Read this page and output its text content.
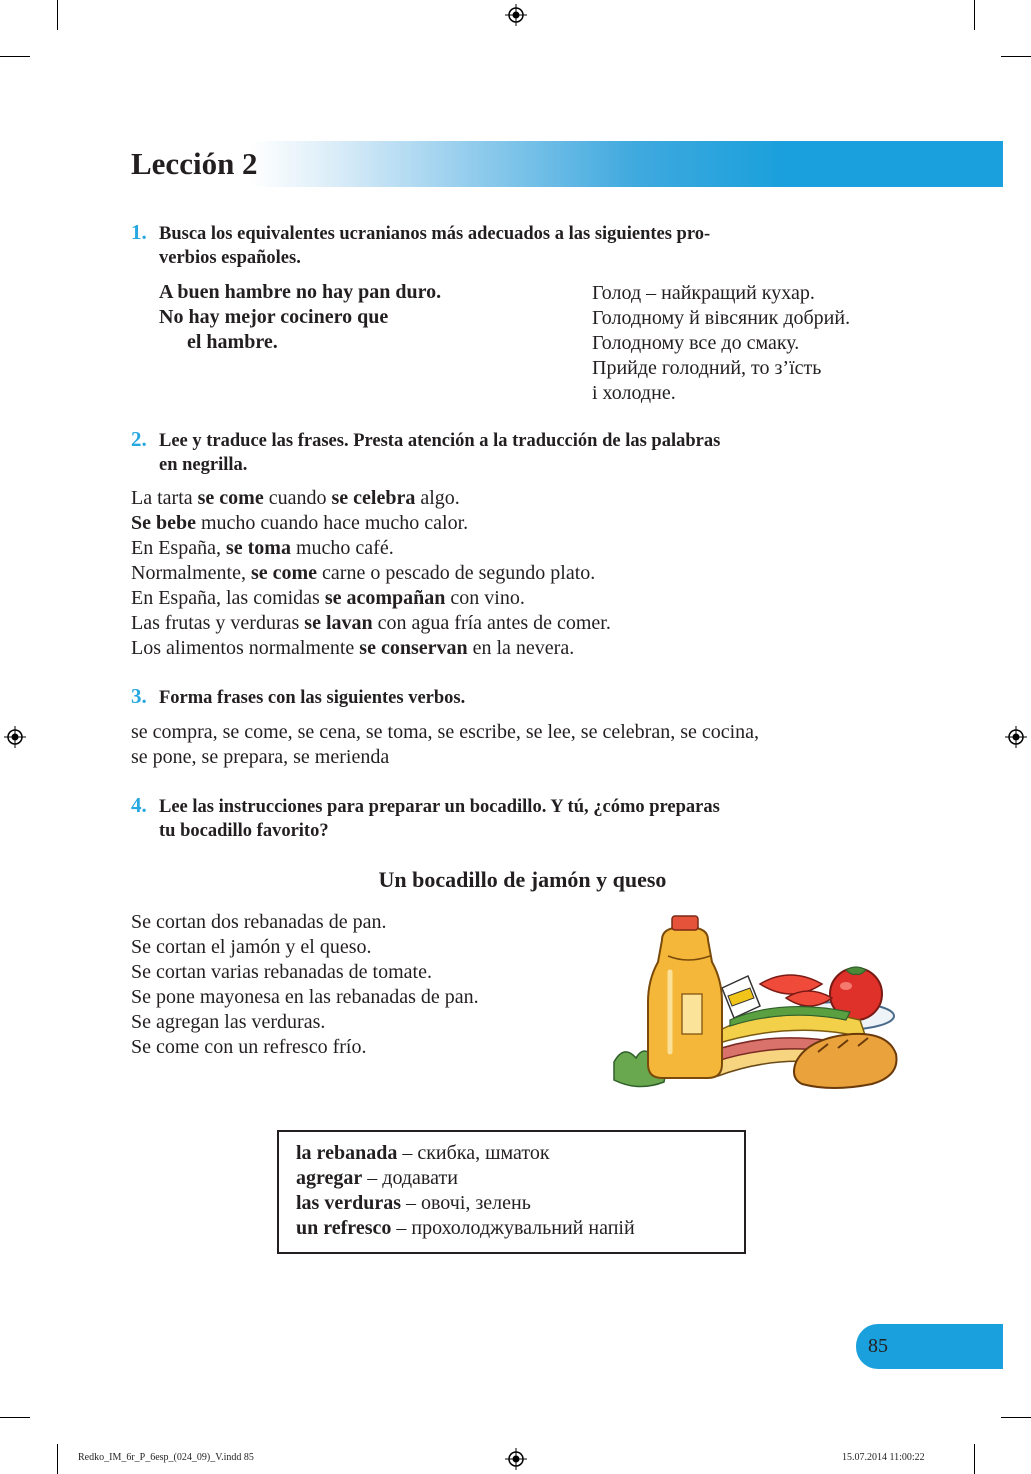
Lección 2
1. Busca los equivalentes ucranianos más adecuados a las siguientes pro-
verbios españoles.
A buen hambre no hay pan duro.
No hay mejor cocinero que
el hambre.
Голод – найкращий кухар.
Голодному й вівсяник добрий.
Голодному все до смаку.
Прийде голодний, то з’їсть
і холодне.
2. Lee y traduce las frases. Presta atención a la traducción de las palabras
en negrilla.
La tarta se come cuando se celebra algo.
Se bebe mucho cuando hace mucho calor.
En España, se toma mucho café.
Normalmente, se come carne o pescado de segundo plato.
En España, las comidas se acompañan con vino.
Las frutas y verduras se lavan con agua fría antes de comer.
Los alimentos normalmente se conservan en la nevera.
3. Forma frases con las siguientes verbos.
se compra, se come, se cena, se toma, se escribe, se lee, se celebran, se cocina,
se pone, se prepara, se merienda
4. Lee las instrucciones para preparar un bocadillo. Y tú, ¿cómo preparas
tu bocadillo favorito?
Un bocadillo de jamón y queso
Se cortan dos rebanadas de pan.
Se cortan el jamón y el queso.
Se cortan varias rebanadas de tomate.
Se pone mayonesa en las rebanadas de pan.
Se agregan las verduras.
Se come con un refresco frío.
la rebanada – скибка, шматок
agregar – додавати
las verduras – овочі, зелень
un refresco – прохолоджувальний напій
85
Redko_IM_6r_P_6esp_(024_09)_V.indd 85	15.07.2014 11:00:22
